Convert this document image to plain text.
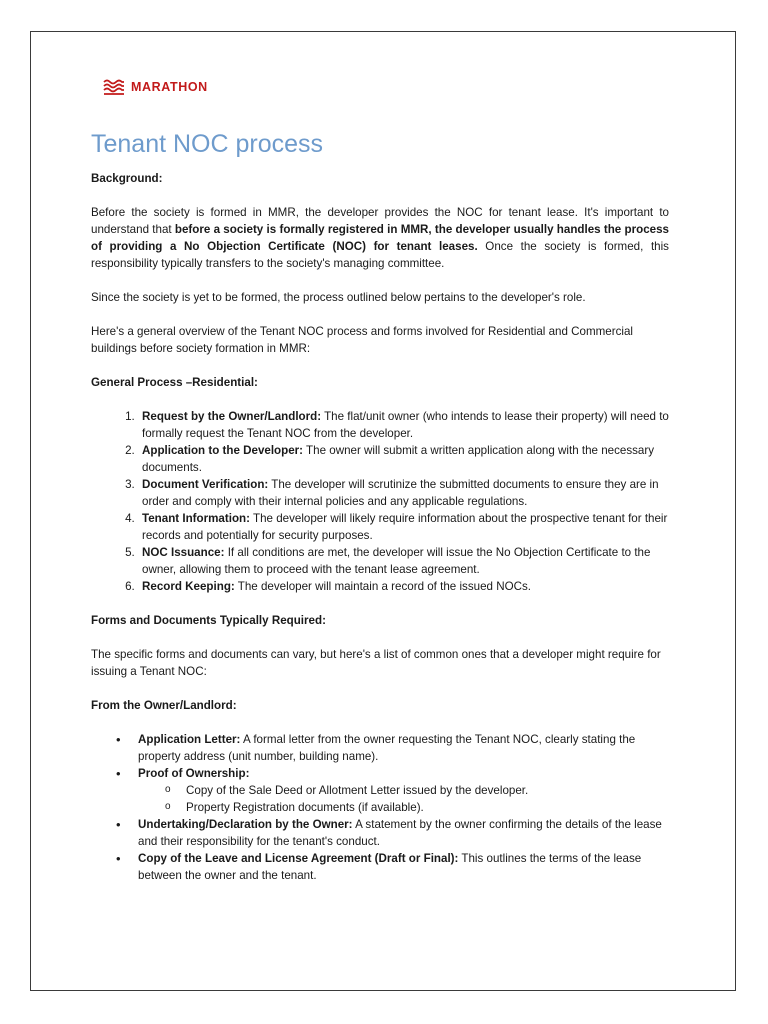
MARATHON
Tenant NOC process

Background:

Before the society is formed in MMR, the developer provides the NOC for tenant lease. It's important to understand that before a society is formally registered in MMR, the developer usually handles the process of providing a No Objection Certificate (NOC) for tenant leases. Once the society is formed, this responsibility typically transfers to the society's managing committee.

Since the society is yet to be formed, the process outlined below pertains to the developer's role.

Here's a general overview of the Tenant NOC process and forms involved for Residential and Commercial buildings before society formation in MMR:

General Process –Residential:

1. Request by the Owner/Landlord: The flat/unit owner (who intends to lease their property) will need to formally request the Tenant NOC from the developer.
2. Application to the Developer: The owner will submit a written application along with the necessary documents.
3. Document Verification: The developer will scrutinize the submitted documents to ensure they are in order and comply with their internal policies and any applicable regulations.
4. Tenant Information: The developer will likely require information about the prospective tenant for their records and potentially for security purposes.
5. NOC Issuance: If all conditions are met, the developer will issue the No Objection Certificate to the owner, allowing them to proceed with the tenant lease agreement.
6. Record Keeping: The developer will maintain a record of the issued NOCs.

Forms and Documents Typically Required:

The specific forms and documents can vary, but here's a list of common ones that a developer might require for issuing a Tenant NOC:

From the Owner/Landlord:

• Application Letter: A formal letter from the owner requesting the Tenant NOC, clearly stating the property address (unit number, building name).
• Proof of Ownership:
o Copy of the Sale Deed or Allotment Letter issued by the developer.
o Property Registration documents (if available).
• Undertaking/Declaration by the Owner: A statement by the owner confirming the details of the lease and their responsibility for the tenant's conduct.
• Copy of the Leave and License Agreement (Draft or Final): This outlines the terms of the lease between the owner and the tenant.
